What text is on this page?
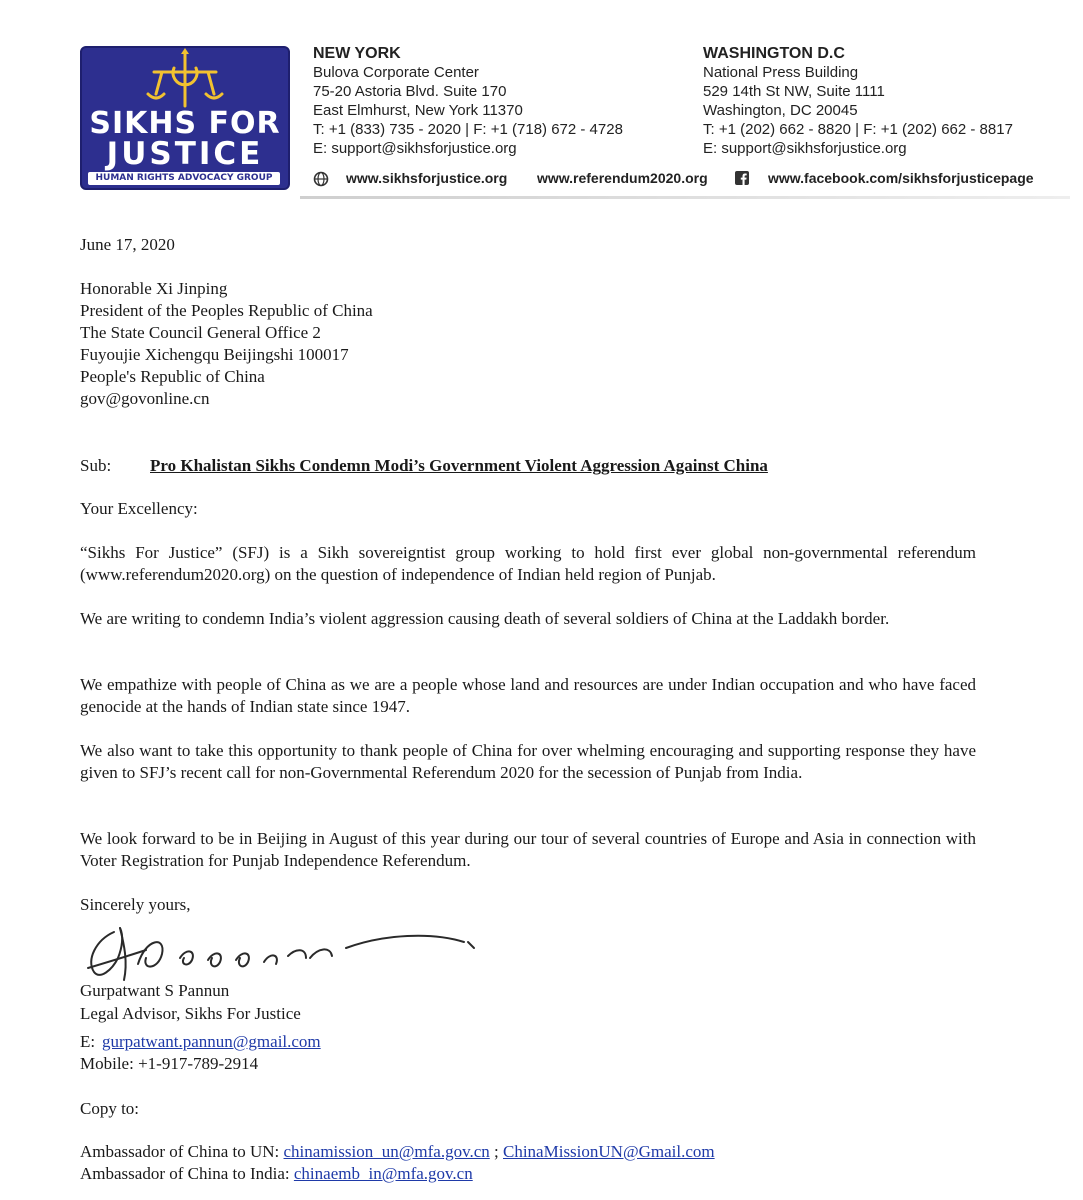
SIKHS FOR
JUSTICE
HUMAN RIGHTS ADVOCACY GROUP
NEW YORK
Bulova Corporate Center
75-20 Astoria Blvd. Suite 170
East Elmhurst, New York 11370
T: +1 (833) 735 - 2020 | F: +1 (718) 672 - 4728
E: support@sikhsforjustice.org
WASHINGTON D.C
National Press Building
529 14th St NW, Suite 1111
Washington, DC 20045
T: +1 (202) 662 - 8820 | F: +1 (202) 662 - 8817
E: support@sikhsforjustice.org
www.sikhsforjustice.org www.referendum2020.org	www.facebook.com/sikhsforjusticepage
June 17, 2020
Honorable Xi Jinping
President of the Peoples Republic of China
The State Council General Office 2
Fuyoujie Xichengqu Beijingshi 100017
People's Republic of China
gov@govonline.cn
Sub: Pro Khalistan Sikhs Condemn Modi’s Government Violent Aggression Against China
Your Excellency:
“Sikhs For Justice” (SFJ) is a Sikh sovereigntist group working to hold first ever global non-governmental referendum (www.referendum2020.org) on the question of independence of Indian held region of Punjab.
We are writing to condemn India’s violent aggression causing death of several soldiers of China at the Laddakh border.
We empathize with people of China as we are a people whose land and resources are under Indian occupation and who have faced genocide at the hands of Indian state since 1947.
We also want to take this opportunity to thank people of China for over whelming encouraging and supporting response they have given to SFJ’s recent call for non-Governmental Referendum 2020 for the secession of Punjab from India.
We look forward to be in Beijing in August of this year during our tour of several countries of Europe and Asia in connection with Voter Registration for Punjab Independence Referendum.
Sincerely yours,
Gurpatwant S Pannun
Legal Advisor, Sikhs For Justice
E: gurpatwant.pannun@gmail.com
Mobile: +1-917-789-2914
Copy to:
Ambassador of China to UN: chinamission_un@mfa.gov.cn ; ChinaMissionUN@Gmail.com
Ambassador of China to India: chinaemb_in@mfa.gov.cn
